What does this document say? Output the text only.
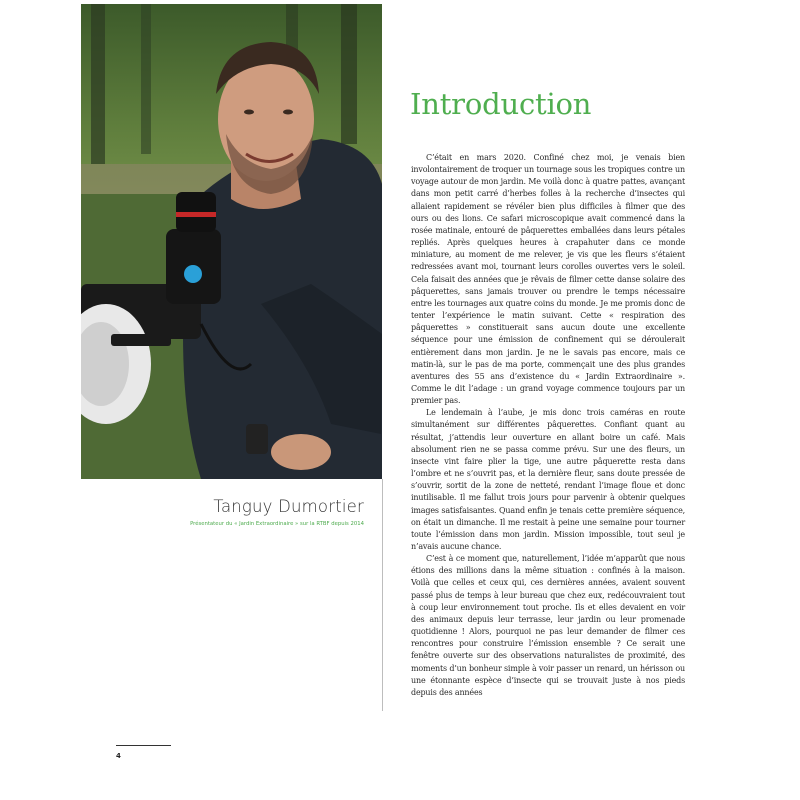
Tanguy Dumortier
Présentateur du « Jardin Extraordinaire » sur la RTBF depuis 2014
Introduction

C’était en mars 2020. Confiné chez moi, je venais bien involontairement de troquer un tournage sous les tropiques contre un voyage autour de mon jardin. Me voilà donc à quatre pattes, avançant dans mon petit carré d’herbes folles à la recherche d’insectes qui allaient rapidement se révéler bien plus difficiles à filmer que des ours ou des lions. Ce safari microscopique avait commencé dans la rosée matinale, entouré de pâquerettes emballées dans leurs pétales repliés. Après quelques heures à crapahuter dans ce monde miniature, au moment de me relever, je vis que les fleurs s’étaient redressées avant moi, tournant leurs corolles ouvertes vers le soleil. Cela faisait des années que je rêvais de filmer cette danse solaire des pâquerettes, sans jamais trouver ou prendre le temps nécessaire entre les tournages aux quatre coins du monde. Je me promis donc de tenter l’expérience le matin suivant. Cette « respiration des pâquerettes » constituerait sans aucun doute une excellente séquence pour une émission de confinement qui se déroulerait entièrement dans mon jardin. Je ne le savais pas encore, mais ce matin-là, sur le pas de ma porte, commençait une des plus grandes aventures des 55 ans d’existence du « Jardin Extraordinaire ». Comme le dit l’adage : un grand voyage commence toujours par un premier pas.

Le lendemain à l’aube, je mis donc trois caméras en route simultanément sur différentes pâquerettes. Confiant quant au résultat, j’attendis leur ouverture en allant boire un café. Mais absolument rien ne se passa comme prévu. Sur une des fleurs, un insecte vint faire plier la tige, une autre pâquerette resta dans l’ombre et ne s’ouvrit pas, et la dernière fleur, sans doute pressée de s’ouvrir, sortit de la zone de netteté, rendant l’image floue et donc inutilisable. Il me fallut trois jours pour parvenir à obtenir quelques images satisfaisantes. Quand enfin je tenais cette première séquence, on était un dimanche. Il me restait à peine une semaine pour tourner toute l’émission dans mon jardin. Mission impossible, tout seul je n’avais aucune chance.

C’est à ce moment que, naturellement, l’idée m’apparût que nous étions des millions dans la même situation : confinés à la maison. Voilà que celles et ceux qui, ces dernières années, avaient souvent passé plus de temps à leur bureau que chez eux, redécouvraient tout à coup leur environnement tout proche. Ils et elles devaient en voir des animaux depuis leur terrasse, leur jardin ou leur promenade quotidienne ! Alors, pourquoi ne pas leur demander de filmer ces rencontres pour construire l’émission ensemble ? Ce serait une fenêtre ouverte sur des observations naturalistes de proximité, des moments d’un bonheur simple à voir passer un renard, un hérisson ou une étonnante espèce d’insecte qui se trouvait juste à nos pieds depuis des années

4
